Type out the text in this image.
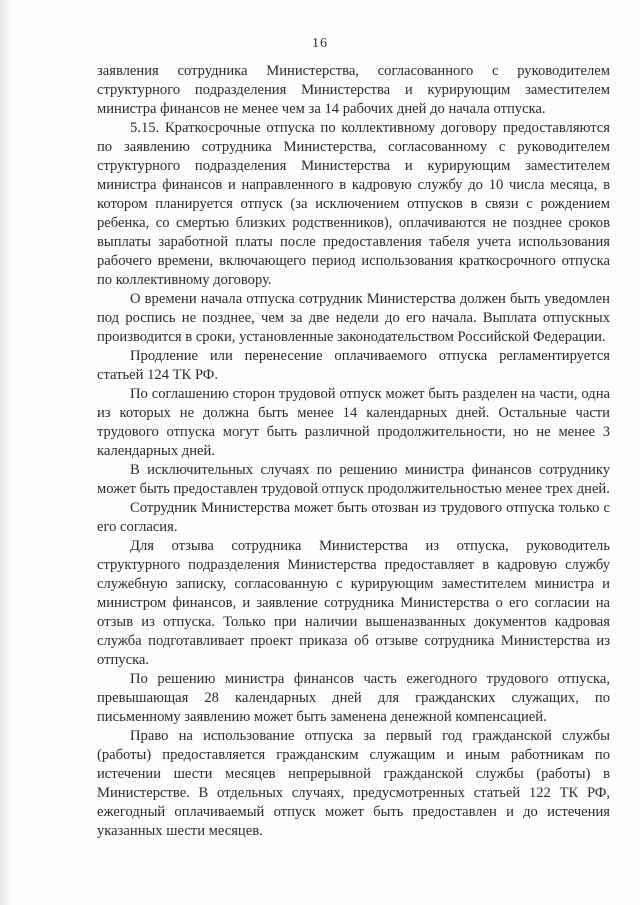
16

заявления сотрудника Министерства, согласованного с руководителем структурного подразделения Министерства и курирующим заместителем министра финансов не менее чем за 14 рабочих дней до начала отпуска.

5.15. Краткосрочные отпуска по коллективному договору предоставляются по заявлению сотрудника Министерства, согласованному с руководителем структурного подразделения Министерства и курирующим заместителем министра финансов и направленного в кадровую службу до 10 числа месяца, в котором планируется отпуск (за исключением отпусков в связи с рождением ребенка, со смертью близких родственников), оплачиваются не позднее сроков выплаты заработной платы после предоставления табеля учета использования рабочего времени, включающего период использования краткосрочного отпуска по коллективному договору.

О времени начала отпуска сотрудник Министерства должен быть уведомлен под роспись не позднее, чем за две недели до его начала. Выплата отпускных производится в сроки, установленные законодательством Российской Федерации.

Продление или перенесение оплачиваемого отпуска регламентируется статьей 124 ТК РФ.

По соглашению сторон трудовой отпуск может быть разделен на части, одна из которых не должна быть менее 14 календарных дней. Остальные части трудового отпуска могут быть различной продолжительности, но не менее 3 календарных дней.

В исключительных случаях по решению министра финансов сотруднику может быть предоставлен трудовой отпуск продолжительностью менее трех дней.

Сотрудник Министерства может быть отозван из трудового отпуска только с его согласия.

Для отзыва сотрудника Министерства из отпуска, руководитель структурного подразделения Министерства предоставляет в кадровую службу служебную записку, согласованную с курирующим заместителем министра и министром финансов, и заявление сотрудника Министерства о его согласии на отзыв из отпуска. Только при наличии вышеназванных документов кадровая служба подготавливает проект приказа об отзыве сотрудника Министерства из отпуска.

По решению министра финансов часть ежегодного трудового отпуска, превышающая 28 календарных дней для гражданских служащих, по письменному заявлению может быть заменена денежной компенсацией.

Право на использование отпуска за первый год гражданской службы (работы) предоставляется гражданским служащим и иным работникам по истечении шести месяцев непрерывной гражданской службы (работы) в Министерстве. В отдельных случаях, предусмотренных статьей 122 ТК РФ, ежегодный оплачиваемый отпуск может быть предоставлен и до истечения указанных шести месяцев.
